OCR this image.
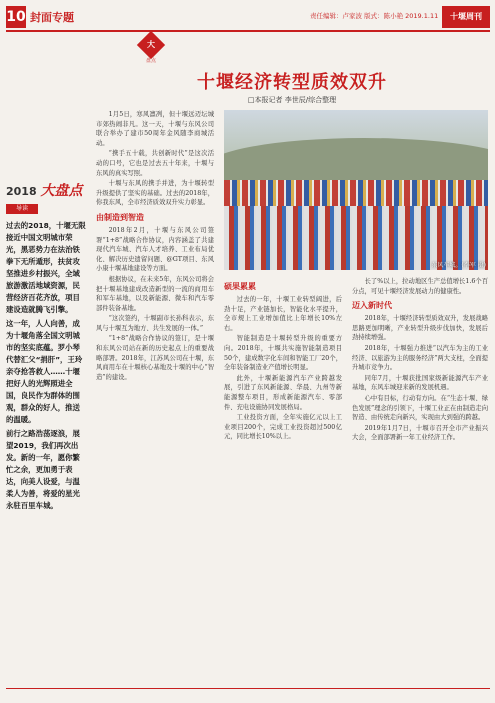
10 封面专题	责任编辑：卢家波 版式：陈小艳 2019.1.11	十堰周刊
2018 大盘点
导读

过去的2018，十堰无限接近中国文明城市荣光，黑恶势力在法治铁拳下无所遁形，扶贫攻坚推进乡村振兴，全域旅游激活地域资源，民营经济百花齐放，项目建设造就腾飞引擎。

这一年，人人向善，成为十堰角落全国文明城市的坚实底蕴。罗小琴代替汇父“捐肝”，王玲亲夺抢答救人……十堰把好人的光辉照进全国，良民作为群体的围观，群众的好人，推送的温暖。

前行之路浩荡逐浪，展望2019，我们再次出发。新的一年，愿你繁忙之余，更加勇于表达，向美人设爱，与温柔人为善，将爱的星光永驻百里车城。

大
盘点
十堰经济转型质效双升
□本报记者 李世辰/综合整理

1月5日，寒风凛冽，但十堰远迈坛城市郊热闹非凡。这一天，十堰与东风公司联合举办了建市50周年金风随李商城活动。

“携手五十载，共创新时代”是这次活动的口号，它也是过去五十年来，十堰与东风的真实写照。

十堰与东风的携手并进，为十堰转型升级提供了坚实的基础。过去的2018年，你我东风，全市经济质效双升实力彰显。

由制造到智造

2018年2月，十堰与东风公司签署“1+8”战略合作协议，内容涵盖了共建现代汽车城、汽车人才培养、工业布局优化、解决历史遗留问题、@GT项目、东风小康十堰基地建设等方面。

根据协议，在未来5年，东风公司将会把十堰基地建成改造新型的一流的商用车和军车基地，以及新能源、微车和汽车零部件装备基地。

“这次签约，十堰副市长孙科表示，东风与十堰互为地方、共生发展的一体。”

“1+8”战略合作协议的签订，是十堰和东风公司站在新的历史起点上的重要战略部署。2018年，江苏风公司在十堰，东风商用车在十堰核心基地及十堰的中心“智造”的建设。

东风车城。(李军 摄)
硕果累累

过去的一年，十堰工业转型阔进，后劲十足，产业链加长，智能化水平提升，全市规上工业增加值比上年增长10%左右。

智能制造是十堰转型升级的重要方向。2018年，十堰共实施智能制造项目50个，建成数字化车间和智能工厂20个，全年装备制造业产值增长明显。

此外，十堰新能源汽车产业跨越发展，引进了东风新能源、华晨、九州等新能源整车项目，形成新能源汽车、零部件、充电设施协同发展格局。

工业投资方面，全年实施亿元以上工业项目200个，完成工业投资超过500亿元，同比增长10%以上。

长了%以上，拉动地区生产总值增长1.6个百分点，可见十堰经济发展动力的健康性。

迈入新时代

2018年，十堰经济转型质效双升，发展战略思路更加明晰，产业转型升级步伐加快，发展后劲持续增强。

2018年，十堰强力推进“以汽车为主的工业经济、以旅游为主的服务经济”两大支柱，全面提升城市竞争力。

同年7月，十堰获批国家级新能源汽车产业基地，东风车城迎来新的发展机遇。

心中有目标，行动有方向。在“生态十堰、绿色发展”理念的引领下，十堰工业正在由制造走向智造、由传统走向新兴，实现由大到强的跨越。

2019年1月7日，十堰市召开全市产业振兴大会，全面部署新一年工业经济工作。
